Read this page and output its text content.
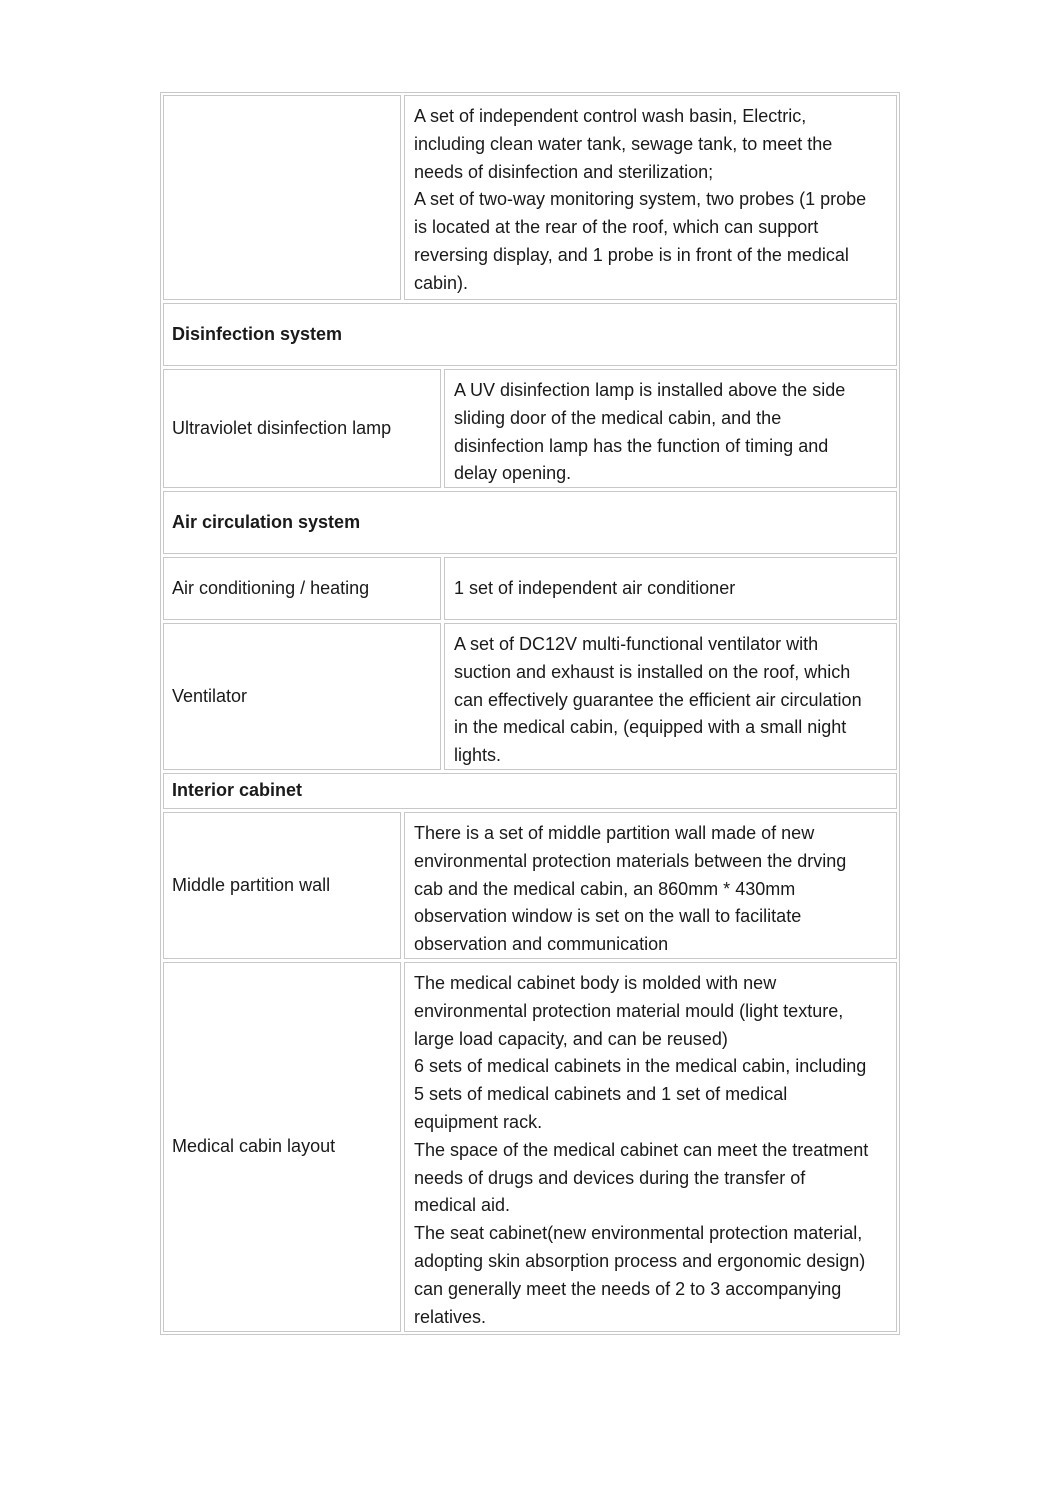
A set of independent control wash basin, Electric,
including clean water tank, sewage tank, to meet the
needs of disinfection and sterilization;
A set of two-way monitoring system, two probes (1 probe
is located at the rear of the roof, which can support
reversing display, and 1 probe is in front of the medical
cabin).
Disinfection system
Ultraviolet disinfection lamp
A UV disinfection lamp is installed above the side
sliding door of the medical cabin, and the
disinfection lamp has the function of timing and
delay opening.
Air circulation system
Air conditioning / heating	1 set of independent air conditioner
Ventilator
A set of DC12V multi-functional ventilator with
suction and exhaust is installed on the roof, which
can effectively guarantee the efficient air circulation
in the medical cabin, (equipped with a small night
lights.
Interior cabinet
Middle partition wall
There is a set of middle partition wall made of new
environmental protection materials between the drving
cab and the medical cabin, an 860mm * 430mm
observation window is set on the wall to facilitate
observation and communication
Medical cabin layout
The medical cabinet body is molded with new
environmental protection material mould (light texture,
large load capacity, and can be reused)
6 sets of medical cabinets in the medical cabin, including
5 sets of medical cabinets and 1 set of medical
equipment rack.
The space of the medical cabinet can meet the treatment
needs of drugs and devices during the transfer of
medical aid.
The seat cabinet(new environmental protection material,
adopting skin absorption process and ergonomic design)
can generally meet the needs of 2 to 3 accompanying
relatives.
